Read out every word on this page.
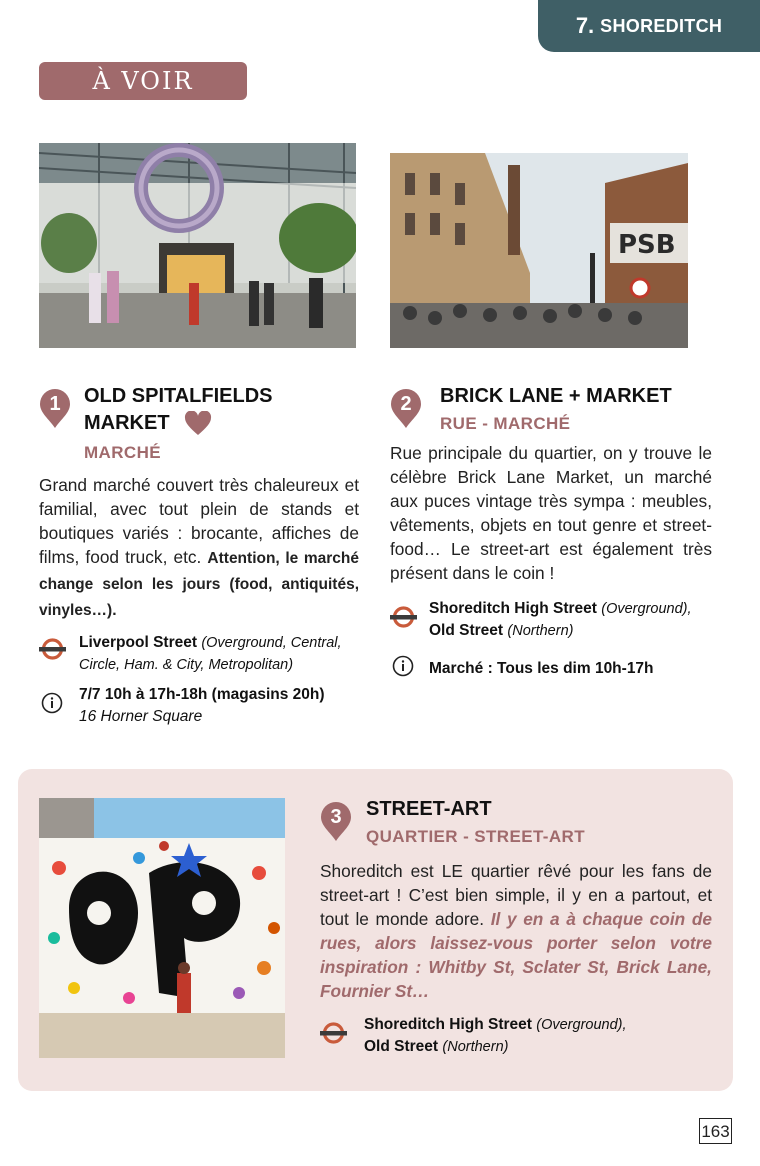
7. SHOREDITCH
À VOIR
PSB
1	OLD SPITALFIELDS
MARKET
MARCHÉ
Grand marché couvert très chaleureux et familial, avec tout plein de stands et boutiques variés : brocante, affiches de films, food truck, etc. Attention, le marché change selon les jours (food, antiquités, vinyles…).
Liverpool Street (Overground, Central, Circle, Ham. & City, Metropolitan)
7/7 10h à 17h-18h (magasins 20h)
16 Horner Square
2	BRICK LANE + MARKET
RUE - MARCHÉ
Rue principale du quartier, on y trouve le célèbre Brick Lane Market, un marché aux puces vintage très sympa : meubles, vêtements, objets en tout genre et street-food… Le street-art est également très présent dans le coin !
Shoreditch High Street (Overground),
Old Street (Northern)
Marché : Tous les dim 10h-17h
3	STREET-ART
QUARTIER - STREET-ART
Shoreditch est LE quartier rêvé pour les fans de street-art ! C’est bien simple, il y en a partout, et tout le monde adore. Il y en a à chaque coin de rues, alors laissez-vous porter selon votre inspiration : Whitby St, Sclater St, Brick Lane, Fournier St…
Shoreditch High Street (Overground),
Old Street (Northern)
163
